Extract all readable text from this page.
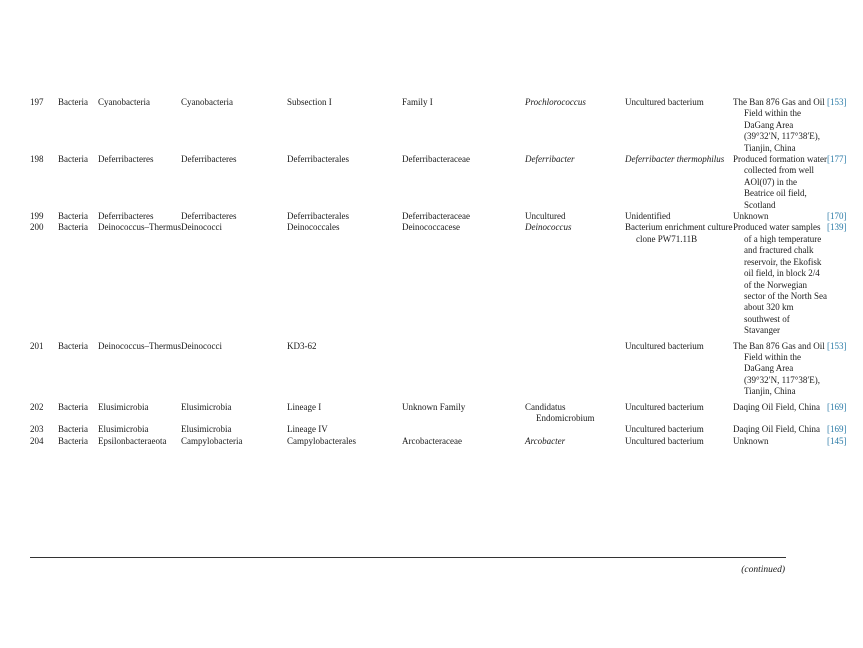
197	Bacteria	Cyanobacteria	Cyanobacteria	Subsection I	Family I	Prochlorococcus	Uncultured bacterium	The Ban 876 Gas and Oil Field within the DaGang Area (39°32′N, 117°38′E), Tianjin, China	[153]
198	Bacteria	Deferribacteres	Deferribacteres	Deferribacterales	Deferribacteraceae	Deferribacter	Deferribacter thermophilus	Produced formation water collected from well AOl(07) in the Beatrice oil field, Scotland	[177]
199	Bacteria	Deferribacteres	Deferribacteres	Deferribacterales	Deferribacteraceae	Uncultured	Unidentified	Unknown	[170]
200	Bacteria	Deinococcus–Thermus	Deinococci	Deinococcales	Deinococcacese	Deinococcus	Bacterium enrichment culture clone PW71.11B	Produced water samples of a high temperature and fractured chalk reservoir, the Ekofisk oil field, in block 2/4 of the Norwegian sector of the North Sea about 320 km southwest of Stavanger	[139]
201	Bacteria	Deinococcus–Thermus	Deinococci	KD3-62			Uncultured bacterium	The Ban 876 Gas and Oil Field within the DaGang Area (39°32′N, 117°38′E), Tianjin, China	[153]
202	Bacteria	Elusimicrobia	Elusimicrobia	Lineage I	Unknown Family	Candidatus Endomicrobium	Uncultured bacterium	Daqing Oil Field, China	[169]
203	Bacteria	Elusimicrobia	Elusimicrobia	Lineage IV			Uncultured bacterium	Daqing Oil Field, China	[169]
204	Bacteria	Epsilonbacteraeota	Campylobacteria	Campylobacterales	Arcobacteraceae	Arcobacter	Uncultured bacterium	Unknown	[145]
(continued)
